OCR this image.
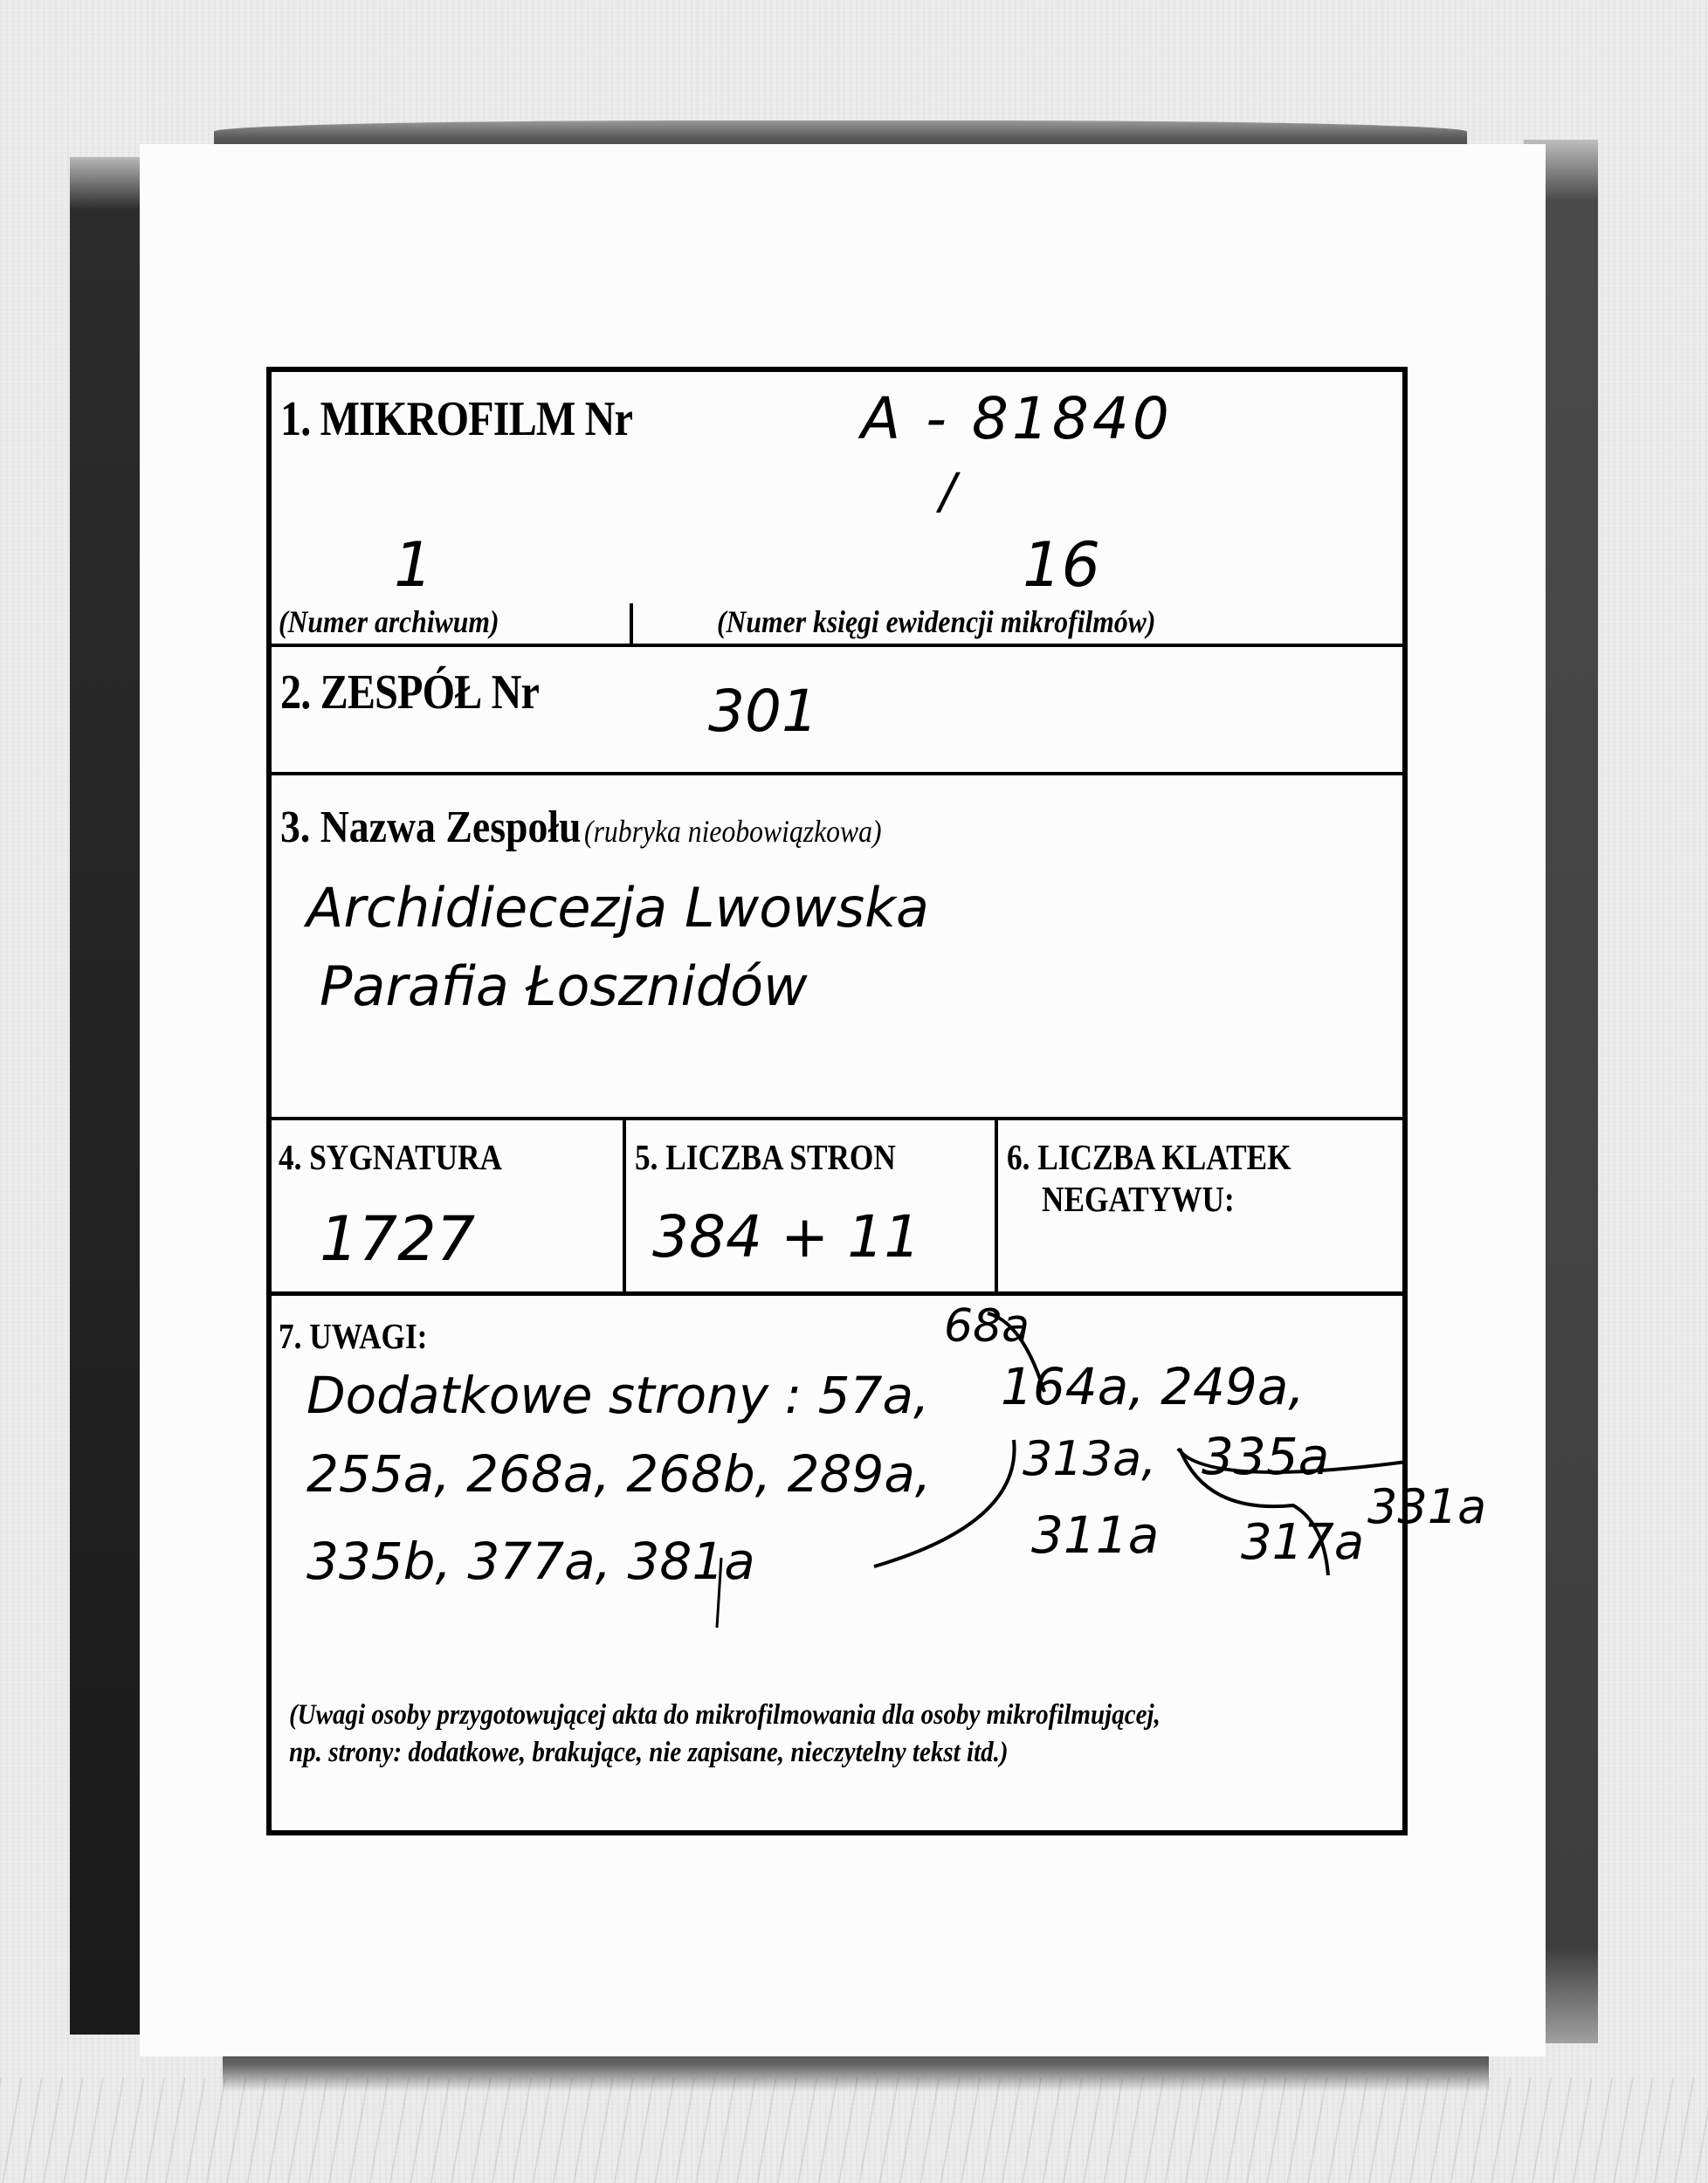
1. MIKROFILM Nr	A - 81840
/
1	16
(Numer archiwum)	(Numer księgi ewidencji mikrofilmów)
2. ZESPÓŁ Nr	301
3. Nazwa Zespołu (rubryka nieobowiązkowa)
Archidiecezja Lwowska
Parafia Łosznidów
4. SYGNATURA
1727
5. LICZBA STRON
384 + 11
6. LICZBA KLATEK
NEGATYWU:
7. UWAGI:	68a
Dodatkowe strony : 57a, 164a, 249a,
255a, 268a, 268b, 289a, 313a, 335a
335b, 377a, 381a	311a 317a
331a
(Uwagi osoby przygotowującej akta do mikrofilmowania dla osoby mikrofilmującej,
np. strony: dodatkowe, brakujące, nie zapisane, nieczytelny tekst itd.)
